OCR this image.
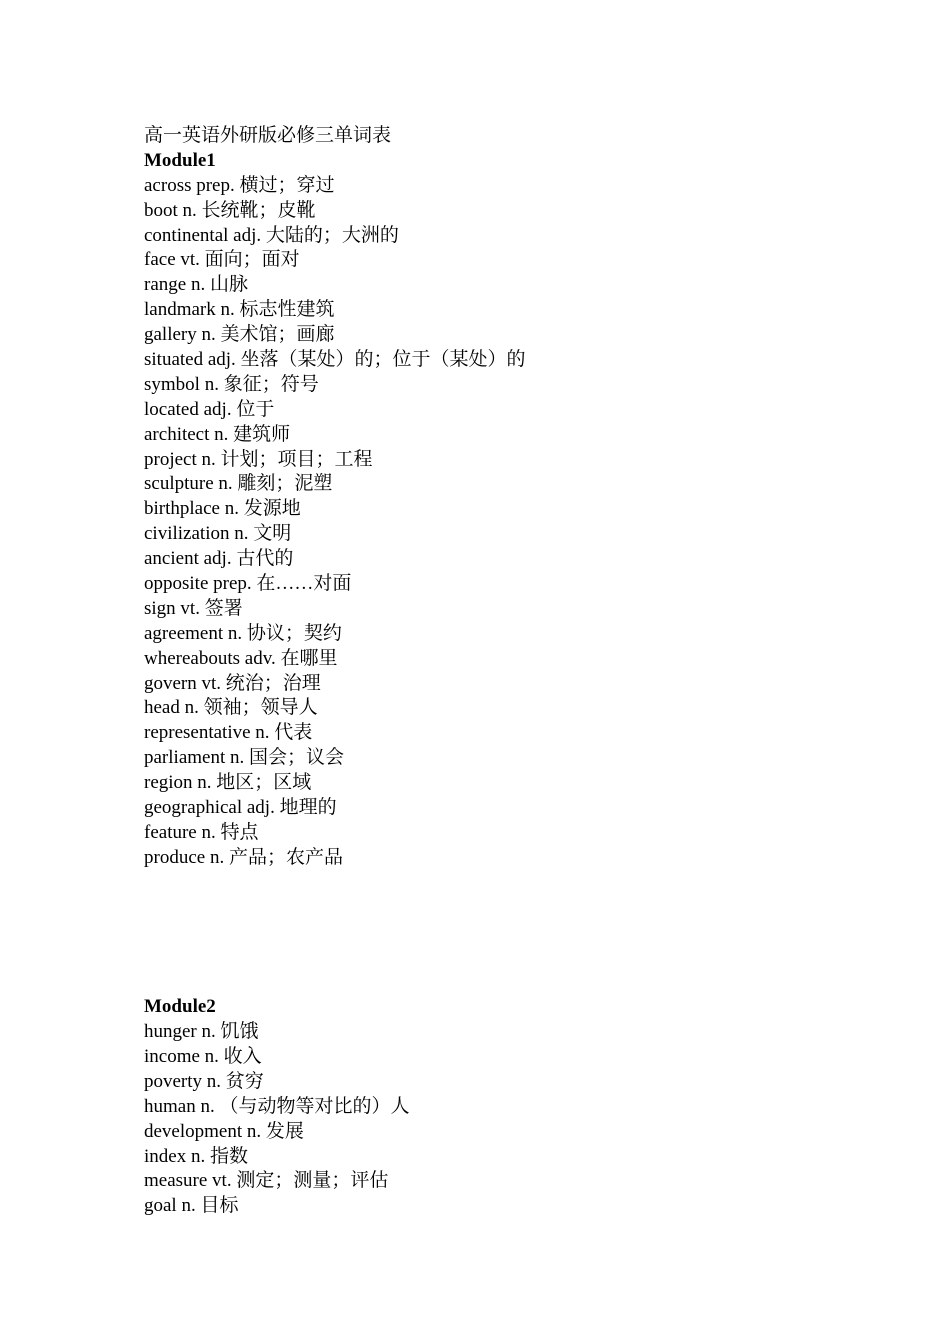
高一英语外研版必修三单词表
Module1
across prep. 横过；穿过
boot n. 长统靴；皮靴
continental adj. 大陆的；大洲的
face vt. 面向；面对
range n. 山脉
landmark n. 标志性建筑
gallery n. 美术馆；画廊
situated adj. 坐落（某处）的；位于（某处）的
symbol n. 象征；符号
located adj. 位于
architect n. 建筑师
project n. 计划；项目；工程
sculpture n. 雕刻；泥塑
birthplace n. 发源地
civilization n. 文明
ancient adj. 古代的
opposite prep. 在……对面
sign vt. 签署
agreement n. 协议；契约
whereabouts adv. 在哪里
govern vt. 统治；治理
head n. 领袖；领导人
representative n. 代表
parliament n. 国会；议会
region n. 地区；区域
geographical adj. 地理的
feature n. 特点
produce n. 产品；农产品
Module2
hunger n. 饥饿
income n. 收入
poverty n. 贫穷
human n. （与动物等对比的）人
development n. 发展
index n. 指数
measure vt. 测定；测量；评估
goal n. 目标
